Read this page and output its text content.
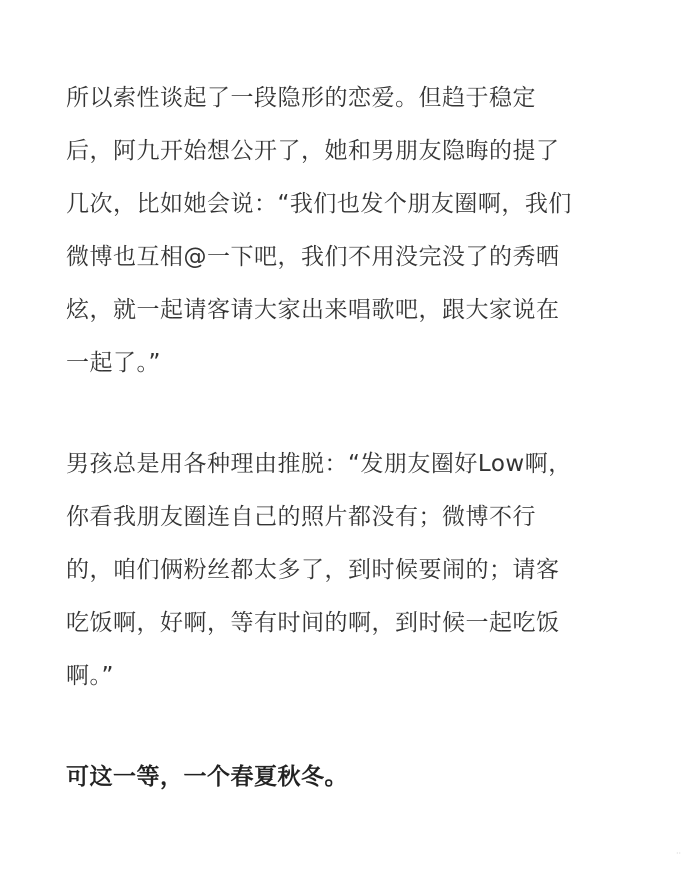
所以索性谈起了一段隐形的恋爱。但趋于稳定
后，阿九开始想公开了，她和男朋友隐晦的提了
几次，比如她会说：“我们也发个朋友圈啊，我们
微博也互相@一下吧，我们不用没完没了的秀晒
炫，就一起请客请大家出来唱歌吧，跟大家说在
一起了。”

男孩总是用各种理由推脱：“发朋友圈好Low啊，
你看我朋友圈连自己的照片都没有；微博不行
的，咱们俩粉丝都太多了，到时候要闹的；请客
吃饭啊，好啊，等有时间的啊，到时候一起吃饭
啊。”

可这一等，一个春夏秋冬。

··
